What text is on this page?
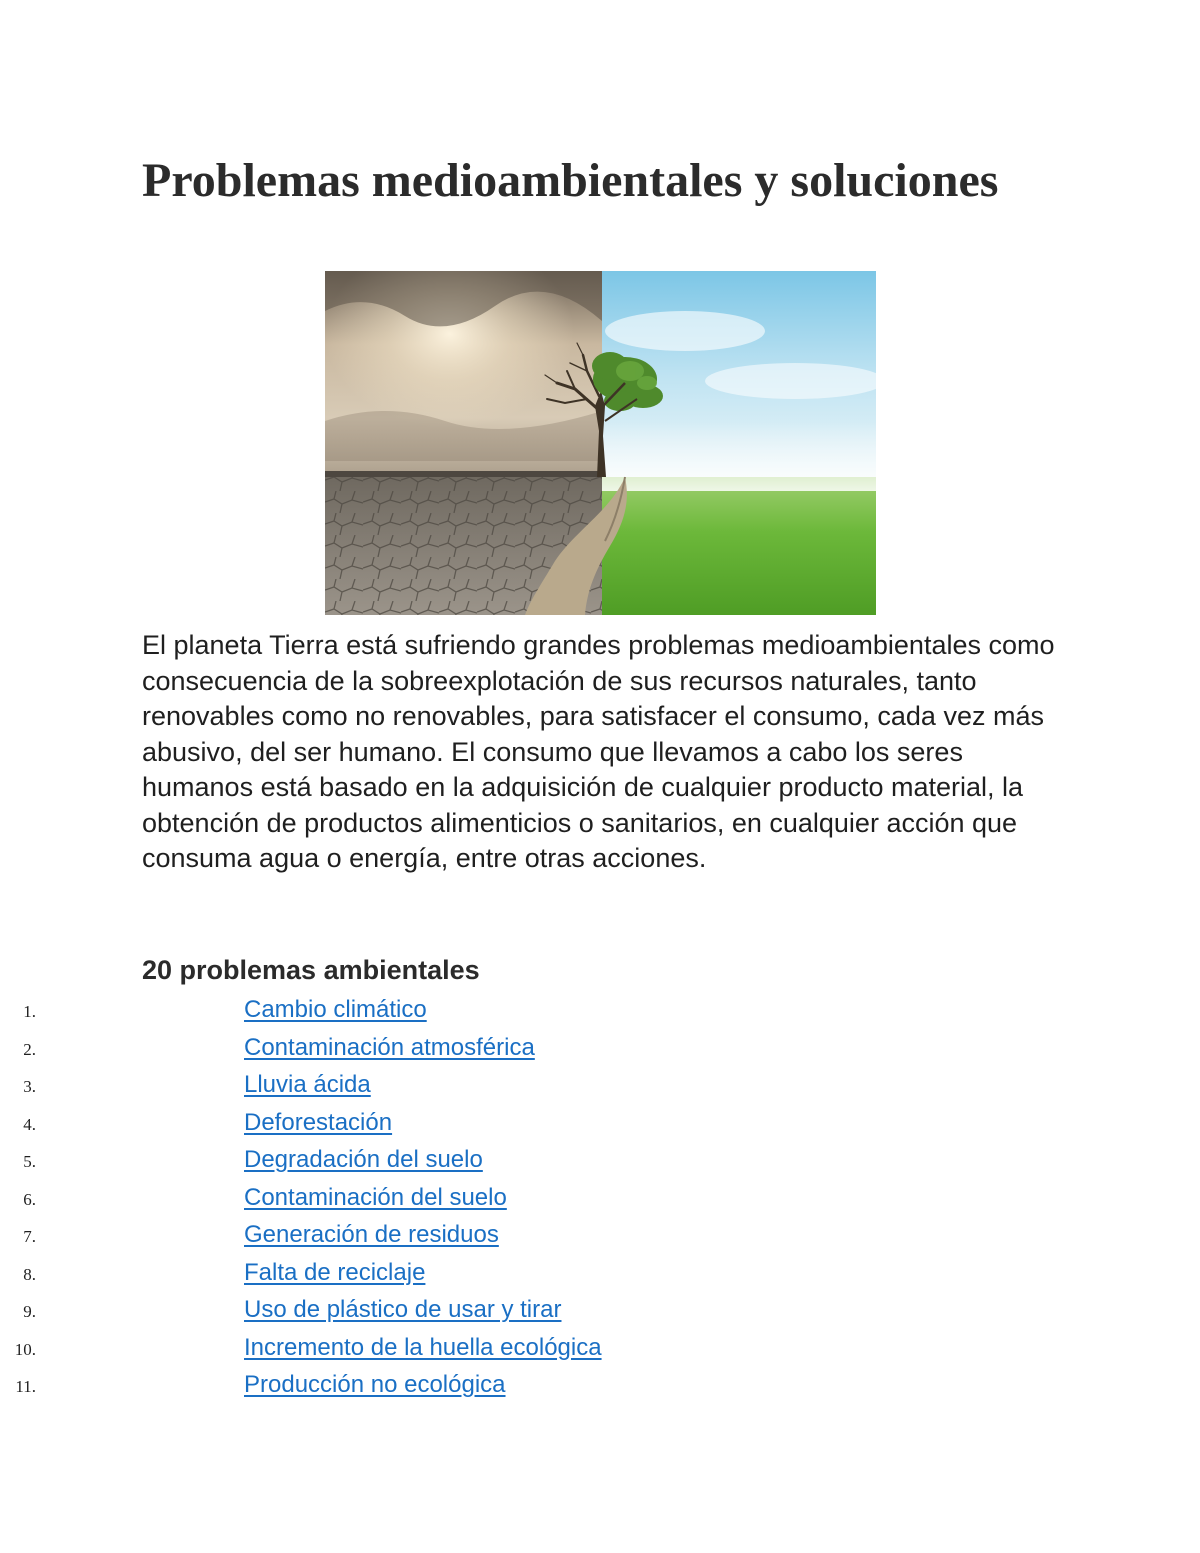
Problemas medioambientales y soluciones

El planeta Tierra está sufriendo grandes problemas medioambientales como consecuencia de la sobreexplotación de sus recursos naturales, tanto renovables como no renovables, para satisfacer el consumo, cada vez más abusivo, del ser humano. El consumo que llevamos a cabo los seres humanos está basado en la adquisición de cualquier producto material, la obtención de productos alimenticios o sanitarios, en cualquier acción que consuma agua o energía, entre otras acciones.

20 problemas ambientales
1.	Cambio climático
2.	Contaminación atmosférica
3.	Lluvia ácida
4.	Deforestación
5.	Degradación del suelo
6.	Contaminación del suelo
7.	Generación de residuos
8.	Falta de reciclaje
9.	Uso de plástico de usar y tirar
10.	Incremento de la huella ecológica
11.	Producción no ecológica
